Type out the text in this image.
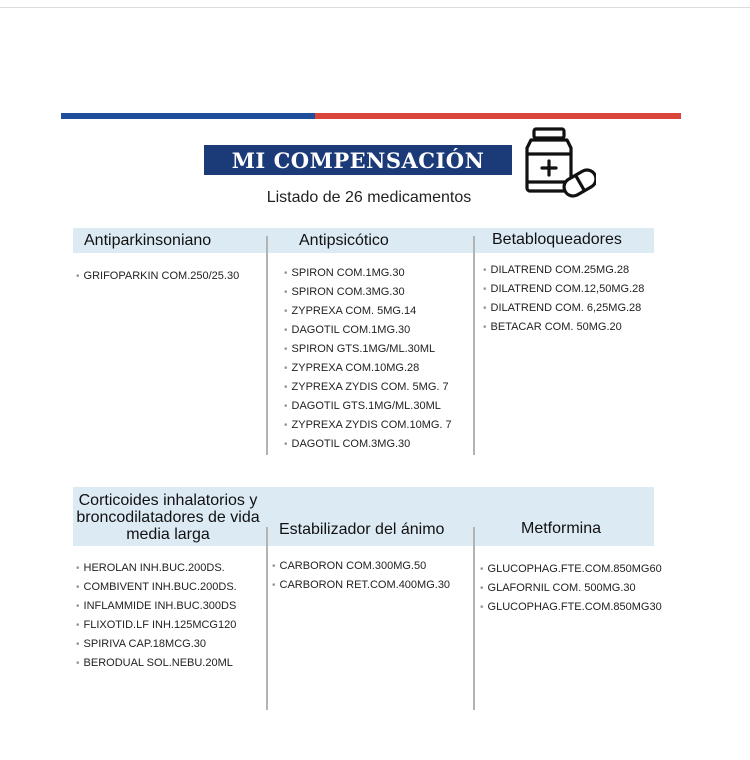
MI COMPENSACIÓN
Listado de 26 medicamentos
Antiparkinsoniano	Antipsicótico	Betabloqueadores
• GRIFOPARKIN COM.250/25.30
•	SPIRON COM.1MG.30
• SPIRON COM.3MG.30
• ZYPREXA COM. 5MG.14
• DAGOTIL COM.1MG.30
• SPIRON GTS.1MG/ML.30ML
• ZYPREXA COM.10MG.28
• ZYPREXA ZYDIS COM. 5MG. 7
• DAGOTIL GTS.1MG/ML.30ML
• ZYPREXA ZYDIS COM.10MG. 7
• DAGOTIL COM.3MG.30
• DILATREND COM.25MG.28
• DILATREND COM.12,50MG.28
• DILATREND COM. 6,25MG.28
• BETACAR COM. 50MG.20
Corticoides inhalatorios y broncodilatadores de vida media larga	Estabilizador del ánimo	Metformina
• HEROLAN INH.BUC.200DS.
• COMBIVENT INH.BUC.200DS.
• INFLAMMIDE INH.BUC.300DS
• FLIXOTID.LF INH.125MCG120
• SPIRIVA CAP.18MCG.30
• BERODUAL SOL.NEBU.20ML
• CARBORON COM.300MG.50
• CARBORON RET.COM.400MG.30
• GLUCOPHAG.FTE.COM.850MG60
• GLAFORNIL COM. 500MG.30
• GLUCOPHAG.FTE.COM.850MG30
